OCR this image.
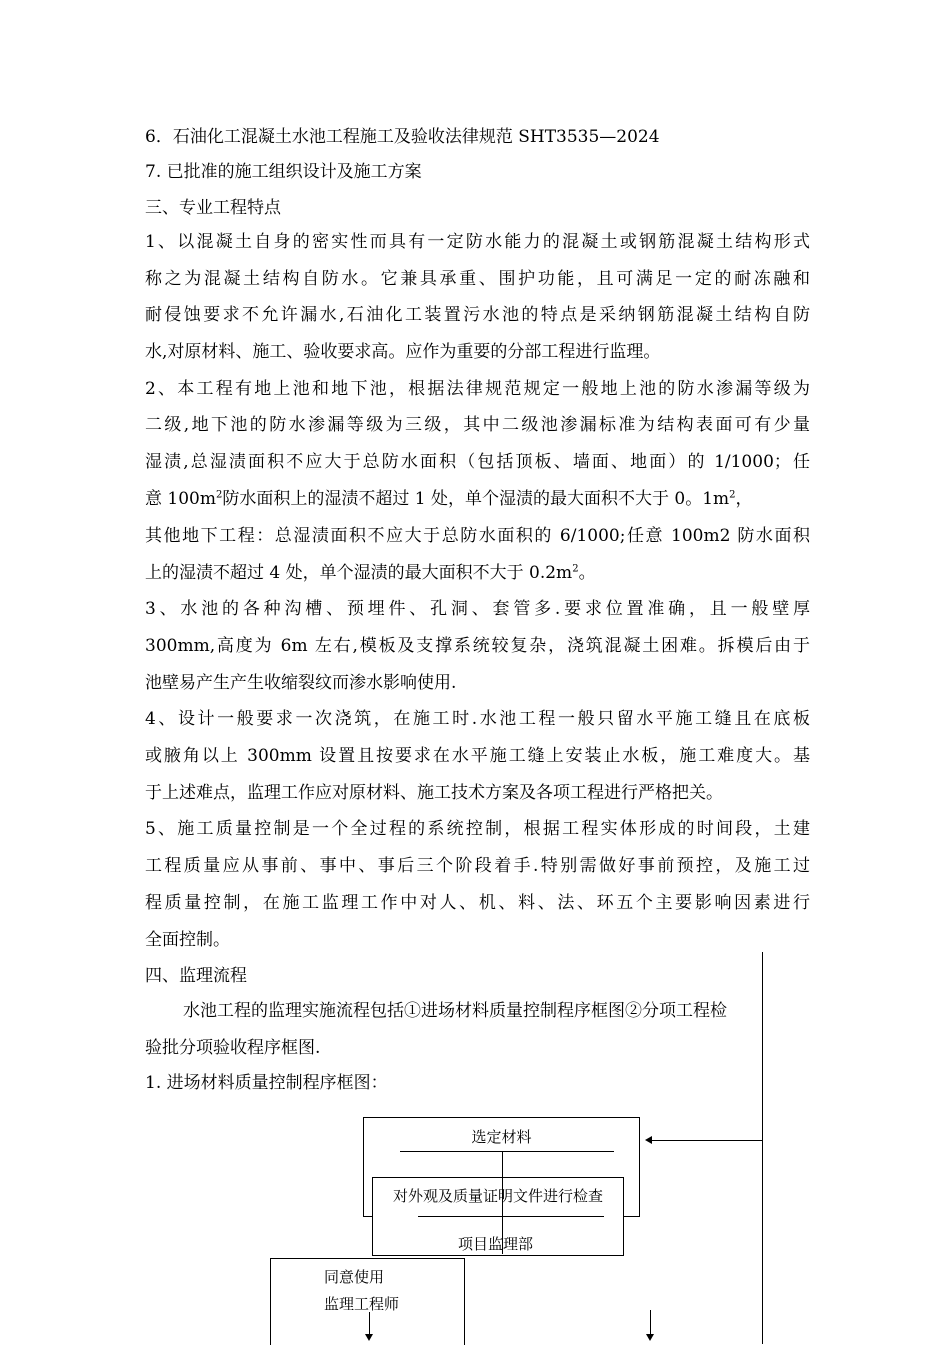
6．石油化工混凝土水池工程施工及验收法律规范 SHT3535—2024
7. 已批准的施工组织设计及施工方案
三、专业工程特点
1、以混凝土自身的密实性而具有一定防水能力的混凝土或钢筋混凝土结构形式
称之为混凝土结构自防水。它兼具承重、围护功能，且可满足一定的耐冻融和
耐侵蚀要求不允许漏水,石油化工装置污水池的特点是采纳钢筋混凝土结构自防
水,对原材料、施工、验收要求高。应作为重要的分部工程进行监理。
2、本工程有地上池和地下池，根据法律规范规定一般地上池的防水渗漏等级为
二级,地下池的防水渗漏等级为三级，其中二级池渗漏标准为结构表面可有少量
湿渍,总湿渍面积不应大于总防水面积（包括顶板、墙面、地面）的 1/1000；任
意 $100m^2$防水面积上的湿渍不超过 1 处，单个湿渍的最大面积不大于 0。$1m^2$，
其他地下工程：总湿渍面积不应大于总防水面积的 6/1000;任意 100m2 防水面积
上的湿渍不超过 4 处，单个湿渍的最大面积不大于 $0.2m^2$。
3、水池的各种沟槽、预埋件、孔洞、套管多.要求位置准确，且一般壁厚
300mm,高度为 6m 左右,模板及支撑系统较复杂，浇筑混凝土困难。拆模后由于
池壁易产生产生收缩裂纹而渗水影响使用.
4、设计一般要求一次浇筑，在施工时.水池工程一般只留水平施工缝且在底板
或腋角以上 300mm 设置且按要求在水平施工缝上安装止水板，施工难度大。基
于上述难点，监理工作应对原材料、施工技术方案及各项工程进行严格把关。
5、施工质量控制是一个全过程的系统控制，根据工程实体形成的时间段，土建
工程质量应从事前、事中、事后三个阶段着手.特别需做好事前预控，及施工过
程质量控制，在施工监理工作中对人、机、料、法、环五个主要影响因素进行
全面控制。
四、监理流程
水池工程的监理实施流程包括①进场材料质量控制程序框图②分项工程检
验批分项验收程序框图.
1. 进场材料质量控制程序框图：
选定材料
对外观及质量证明文件进行检查
项目监理部
同意使用
监理工程师
